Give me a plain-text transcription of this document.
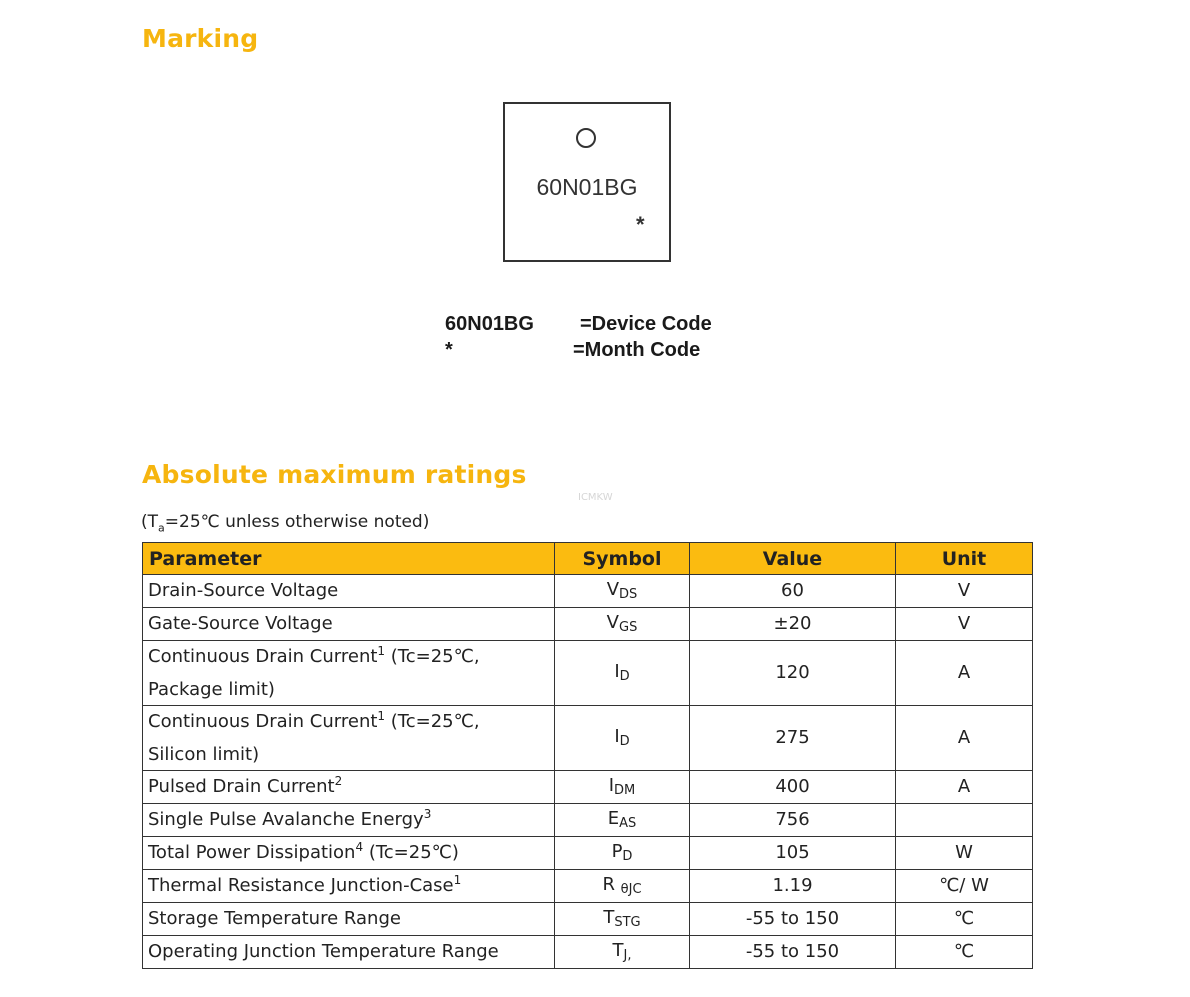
Marking
60N01BG
*
60N01BG =Device Code
*	=Month Code
Absolute maximum ratings
ICMKW
($T_a=25℃$ unless otherwise noted)
Parameter	Symbol	Value	Unit
Drain-Source Voltage	VDS	60	V
Gate-Source Voltage	VGS	±20	V
Continuous Drain Current$^1$ (Tc=25℃,
Package limit)	ID	120	A
Continuous Drain Current$^1$ (Tc=25℃,
Silicon limit)	ID	275	A
Pulsed Drain Current$^2$	IDM	400	A
Single Pulse Avalanche Energy$^3$	EAS	756	
Total Power Dissipation$^4$ (Tc=25℃)	PD	105	W
Thermal Resistance Junction-Case$^1$	R θJC	1.19	℃/ W
Storage Temperature Range	TSTG	-55 to 150	℃
Operating Junction Temperature Range	TJ,	-55 to 150	℃
